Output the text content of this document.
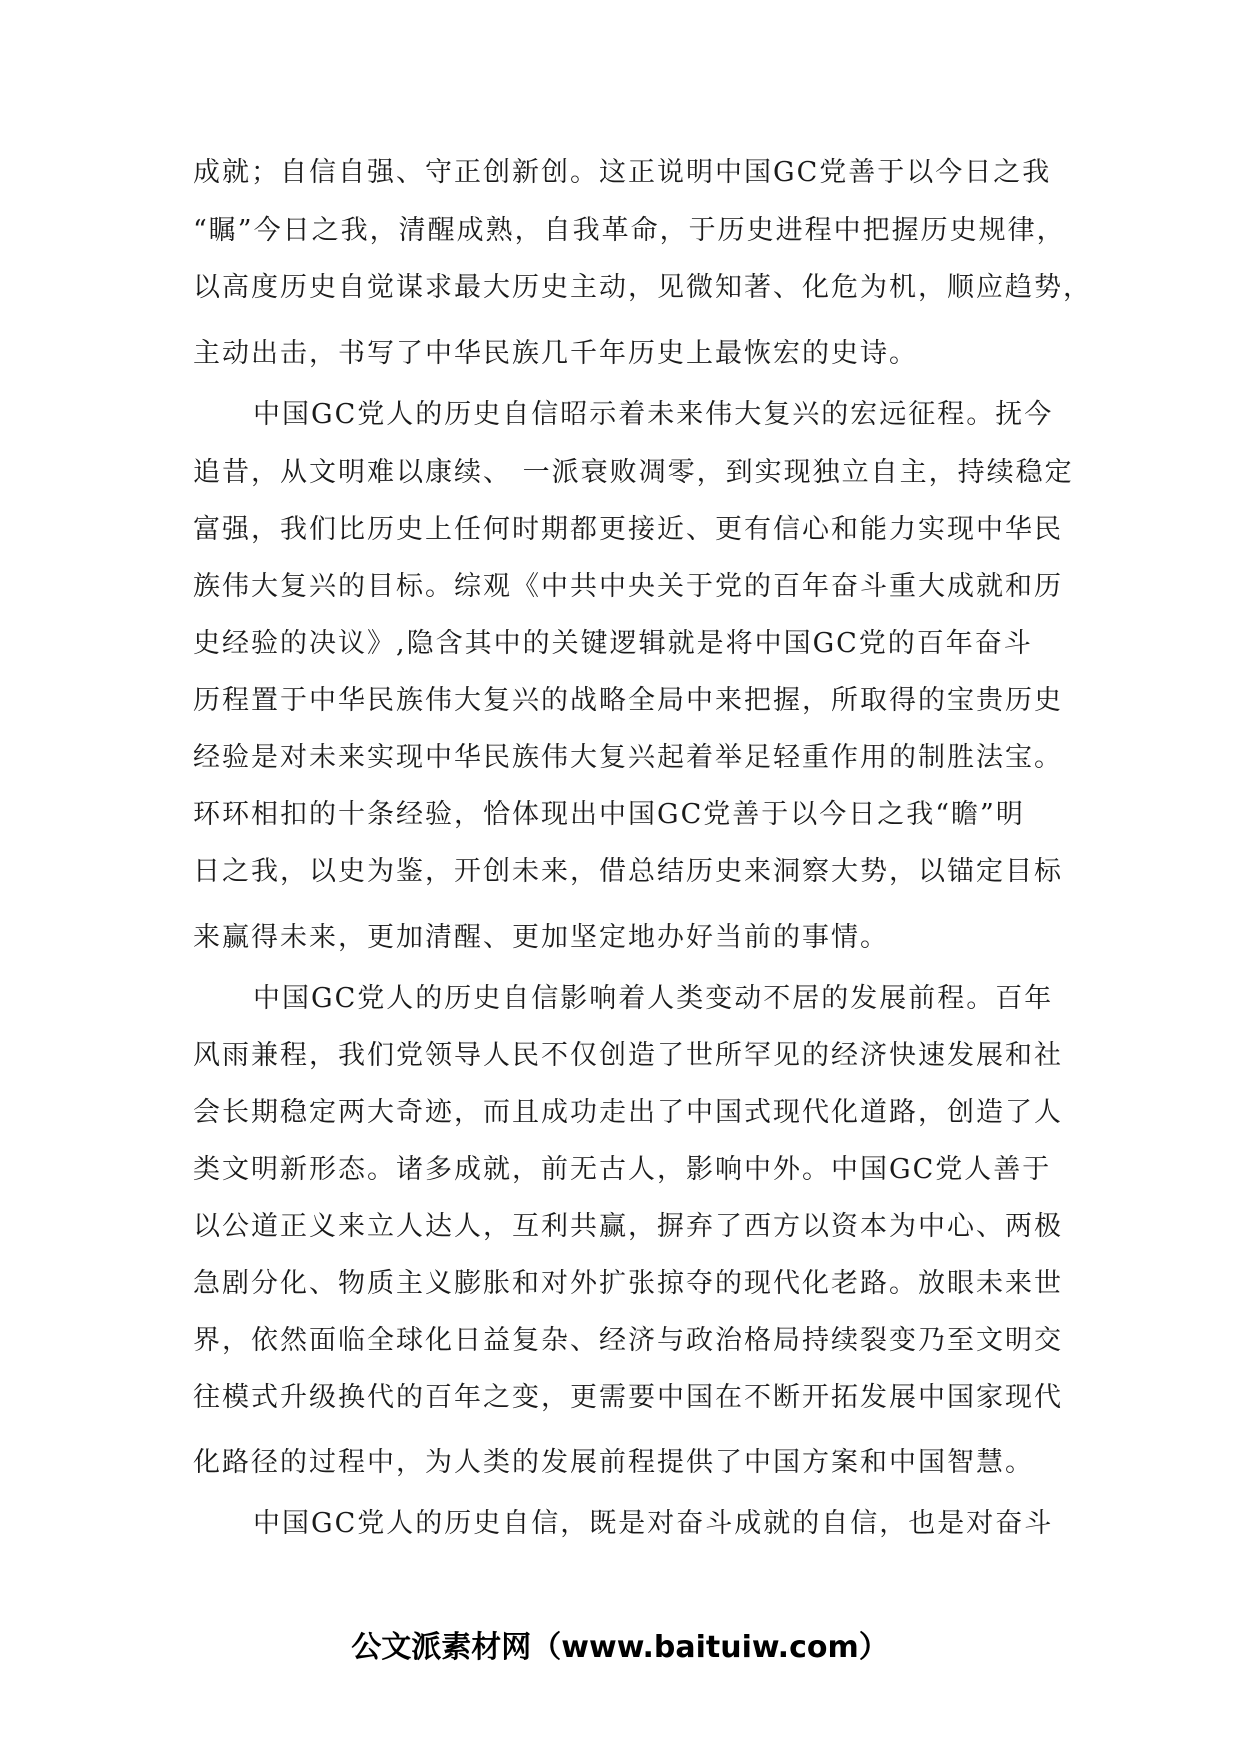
成就；自信自强、守正创新创。这正说明中国GC党善于以今日之我
“瞩”今日之我，清醒成熟，自我革命，于历史进程中把握历史规律，
以高度历史自觉谋求最大历史主动，见微知著、化危为机，顺应趋势，
主动出击，书写了中华民族几千年历史上最恢宏的史诗。
中国GC党人的历史自信昭示着未来伟大复兴的宏远征程。抚今
追昔，从文明难以康续、 一派衰败凋零，到实现独立自主，持续稳定
富强，我们比历史上任何时期都更接近、更有信心和能力实现中华民
族伟大复兴的目标。综观《中共中央关于党的百年奋斗重大成就和历
史经验的决议》,隐含其中的关键逻辑就是将中国GC党的百年奋斗
历程置于中华民族伟大复兴的战略全局中来把握，所取得的宝贵历史
经验是对未来实现中华民族伟大复兴起着举足轻重作用的制胜法宝。
环环相扣的十条经验，恰体现出中国GC党善于以今日之我“瞻”明
日之我，以史为鉴，开创未来，借总结历史来洞察大势，以锚定目标
来赢得未来，更加清醒、更加坚定地办好当前的事情。
中国GC党人的历史自信影响着人类变动不居的发展前程。百年
风雨兼程，我们党领导人民不仅创造了世所罕见的经济快速发展和社
会长期稳定两大奇迹，而且成功走出了中国式现代化道路，创造了人
类文明新形态。诸多成就，前无古人，影响中外。中国GC党人善于
以公道正义来立人达人，互利共赢，摒弃了西方以资本为中心、两极
急剧分化、物质主义膨胀和对外扩张掠夺的现代化老路。放眼未来世
界，依然面临全球化日益复杂、经济与政治格局持续裂变乃至文明交
往模式升级换代的百年之变，更需要中国在不断开拓发展中国家现代
化路径的过程中，为人类的发展前程提供了中国方案和中国智慧。
中国GC党人的历史自信，既是对奋斗成就的自信，也是对奋斗
公文派素材网（www.baituiw.com）
